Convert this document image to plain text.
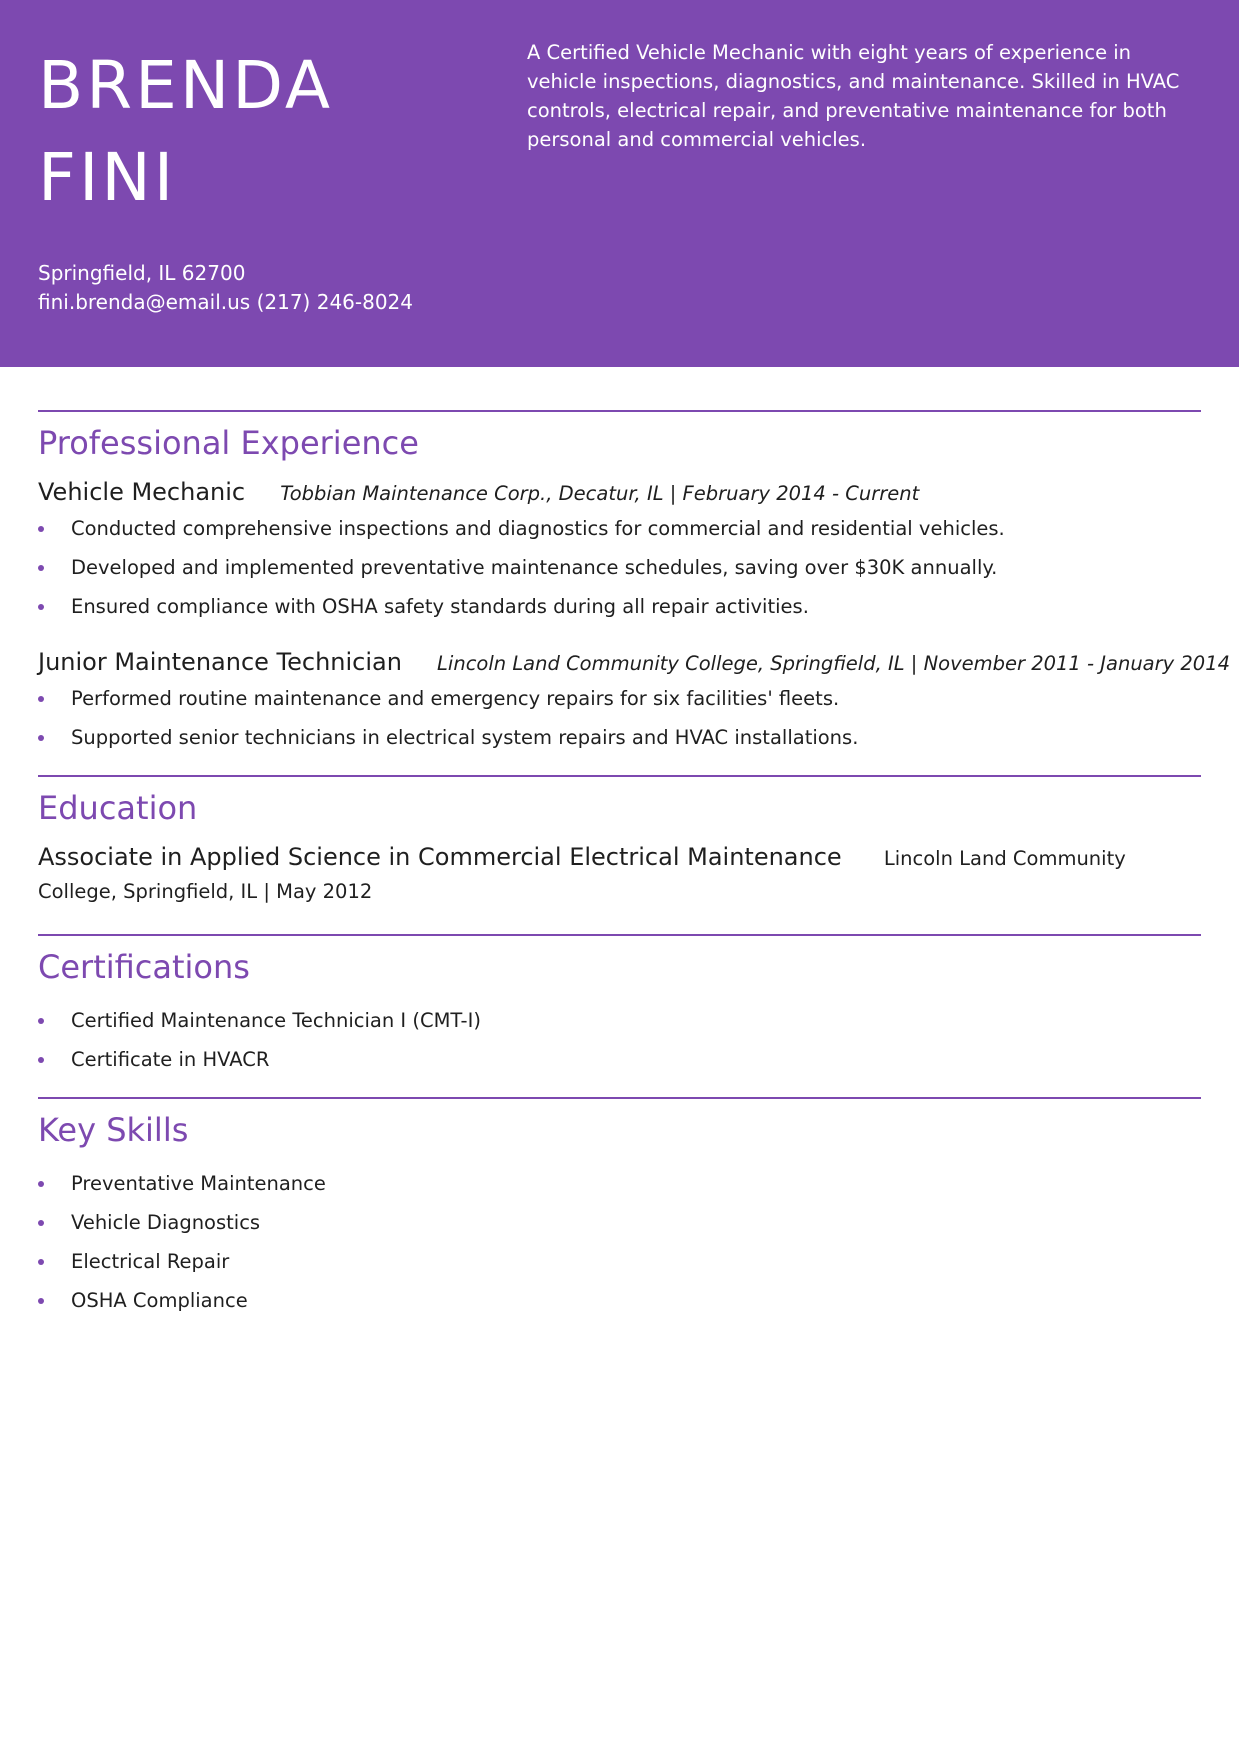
BRENDA
FINI
Springfield, IL 62700
fini.brenda@email.us (217) 246-8024
A Certified Vehicle Mechanic with eight years of experience in vehicle inspections, diagnostics, and maintenance. Skilled in HVAC controls, electrical repair, and preventative maintenance for both personal and commercial vehicles.
Professional Experience
Vehicle Mechanic Tobbian Maintenance Corp., Decatur, IL | February 2014 - Current
Conducted comprehensive inspections and diagnostics for commercial and residential vehicles.
Developed and implemented preventative maintenance schedules, saving over $30K annually.
Ensured compliance with OSHA safety standards during all repair activities.
Junior Maintenance Technician Lincoln Land Community College, Springfield, IL | November 2011 - January 2014
Performed routine maintenance and emergency repairs for six facilities' fleets.
Supported senior technicians in electrical system repairs and HVAC installations.
Education
Associate in Applied Science in Commercial Electrical Maintenance Lincoln Land Community College, Springfield, IL | May 2012
Certifications
Certified Maintenance Technician I (CMT-I)
Certificate in HVACR
Key Skills
Preventative Maintenance
Vehicle Diagnostics
Electrical Repair
OSHA Compliance
